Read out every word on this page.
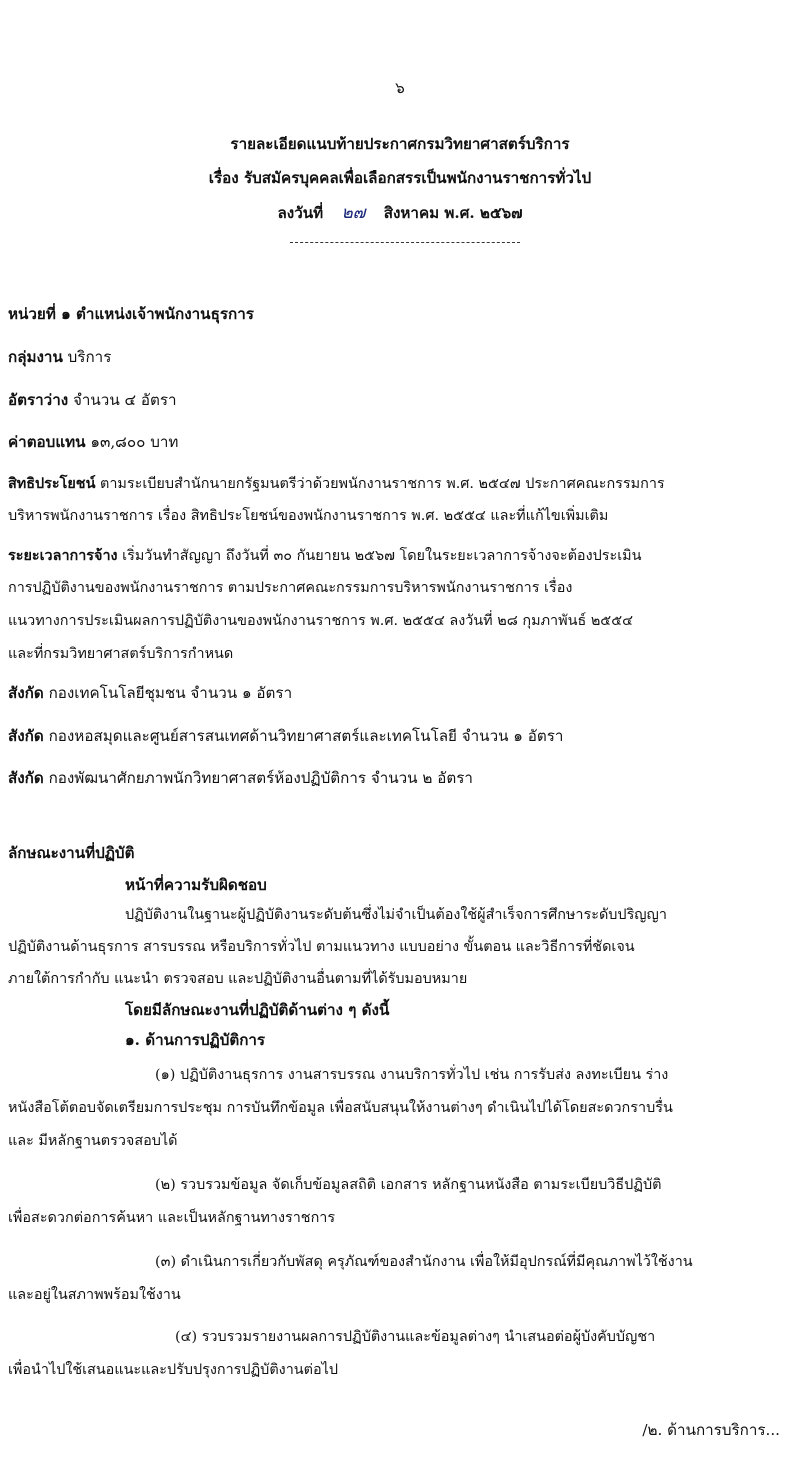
๖
รายละเอียดแนบท้ายประกาศกรมวิทยาศาสตร์บริการ
เรื่อง รับสมัครบุคคลเพื่อเลือกสรรเป็นพนักงานราชการทั่วไป
ลงวันที่ ๒๗ สิงหาคม พ.ศ. ๒๕๖๗
หน่วยที่ ๑ ตำแหน่งเจ้าพนักงานธุรการ
กลุ่มงาน บริการ
อัตราว่าง จำนวน ๔ อัตรา
ค่าตอบแทน ๑๓,๘๐๐ บาท
สิทธิประโยชน์ ตามระเบียบสำนักนายกรัฐมนตรีว่าด้วยพนักงานราชการ พ.ศ. ๒๕๔๗ ประกาศคณะกรรมการ
บริหารพนักงานราชการ เรื่อง สิทธิประโยชน์ของพนักงานราชการ พ.ศ. ๒๕๕๔ และที่แก้ไขเพิ่มเติม
ระยะเวลาการจ้าง เริ่มวันทำสัญญา ถึงวันที่ ๓๐ กันยายน ๒๕๖๗ โดยในระยะเวลาการจ้างจะต้องประเมิน
การปฏิบัติงานของพนักงานราชการ ตามประกาศคณะกรรมการบริหารพนักงานราชการ เรื่อง
แนวทางการประเมินผลการปฏิบัติงานของพนักงานราชการ พ.ศ. ๒๕๕๔ ลงวันที่ ๒๘ กุมภาพันธ์ ๒๕๕๔
และที่กรมวิทยาศาสตร์บริการกำหนด
สังกัด กองเทคโนโลยีชุมชน จำนวน ๑ อัตรา
สังกัด กองหอสมุดและศูนย์สารสนเทศด้านวิทยาศาสตร์และเทคโนโลยี จำนวน ๑ อัตรา
สังกัด กองพัฒนาศักยภาพนักวิทยาศาสตร์ห้องปฏิบัติการ จำนวน ๒ อัตรา
ลักษณะงานที่ปฏิบัติ
หน้าที่ความรับผิดชอบ
ปฏิบัติงานในฐานะผู้ปฏิบัติงานระดับต้นซึ่งไม่จำเป็นต้องใช้ผู้สำเร็จการศึกษาระดับปริญญา
ปฏิบัติงานด้านธุรการ สารบรรณ หรือบริการทั่วไป ตามแนวทาง แบบอย่าง ขั้นตอน และวิธีการที่ชัดเจน
ภายใต้การกำกับ แนะนำ ตรวจสอบ และปฏิบัติงานอื่นตามที่ได้รับมอบหมาย
โดยมีลักษณะงานที่ปฏิบัติด้านต่าง ๆ ดังนี้
๑. ด้านการปฏิบัติการ
(๑) ปฏิบัติงานธุรการ งานสารบรรณ งานบริการทั่วไป เช่น การรับส่ง ลงทะเบียน ร่าง
หนังสือโต้ตอบจัดเตรียมการประชุม การบันทึกข้อมูล เพื่อสนับสนุนให้งานต่างๆ ดำเนินไปได้โดยสะดวกราบรื่น
และ มีหลักฐานตรวจสอบได้
(๒) รวบรวมข้อมูล จัดเก็บข้อมูลสถิติ เอกสาร หลักฐานหนังสือ ตามระเบียบวิธีปฏิบัติ
เพื่อสะดวกต่อการค้นหา และเป็นหลักฐานทางราชการ
(๓) ดำเนินการเกี่ยวกับพัสดุ ครุภัณฑ์ของสำนักงาน เพื่อให้มีอุปกรณ์ที่มีคุณภาพไว้ใช้งาน
และอยู่ในสภาพพร้อมใช้งาน
(๔) รวบรวมรายงานผลการปฏิบัติงานและข้อมูลต่างๆ นำเสนอต่อผู้บังคับบัญชา
เพื่อนำไปใช้เสนอแนะและปรับปรุงการปฏิบัติงานต่อไป
/๒. ด้านการบริการ...
